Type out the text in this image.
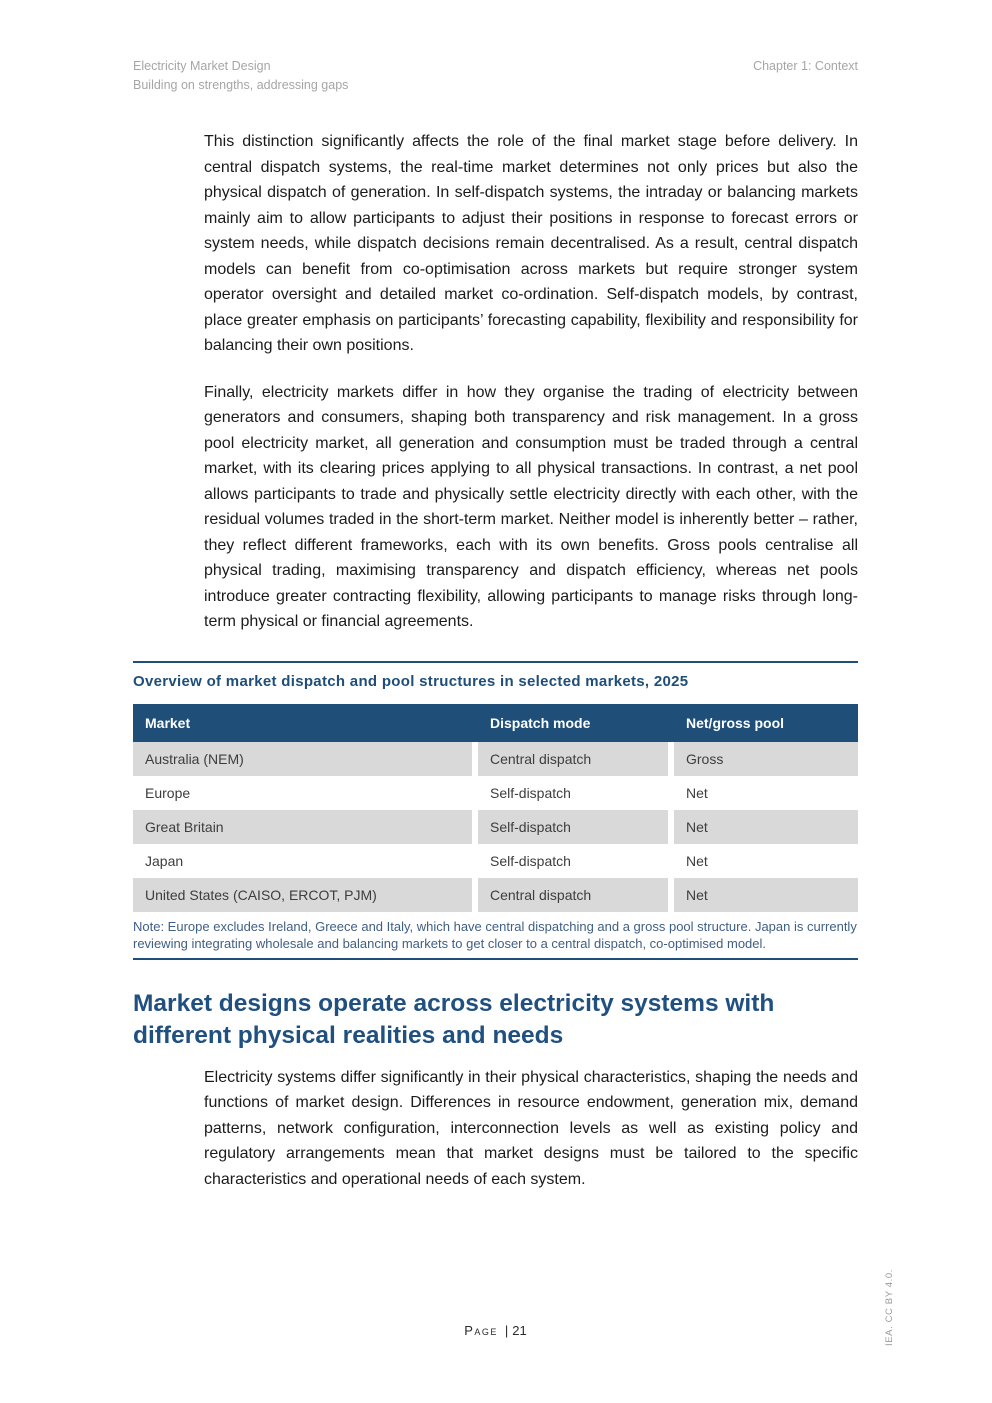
Electricity Market Design
Building on strengths, addressing gaps
Chapter 1: Context

This distinction significantly affects the role of the final market stage before delivery. In central dispatch systems, the real-time market determines not only prices but also the physical dispatch of generation. In self-dispatch systems, the intraday or balancing markets mainly aim to allow participants to adjust their positions in response to forecast errors or system needs, while dispatch decisions remain decentralised. As a result, central dispatch models can benefit from co-optimisation across markets but require stronger system operator oversight and detailed market co-ordination. Self-dispatch models, by contrast, place greater emphasis on participants’ forecasting capability, flexibility and responsibility for balancing their own positions.

Finally, electricity markets differ in how they organise the trading of electricity between generators and consumers, shaping both transparency and risk management. In a gross pool electricity market, all generation and consumption must be traded through a central market, with its clearing prices applying to all physical transactions. In contrast, a net pool allows participants to trade and physically settle electricity directly with each other, with the residual volumes traded in the short-term market. Neither model is inherently better – rather, they reflect different frameworks, each with its own benefits. Gross pools centralise all physical trading, maximising transparency and dispatch efficiency, whereas net pools introduce greater contracting flexibility, allowing participants to manage risks through long-term physical or financial agreements.

Overview of market dispatch and pool structures in selected markets, 2025
Market	Dispatch mode	Net/gross pool
Australia (NEM)	Central dispatch	Gross
Europe	Self-dispatch	Net
Great Britain	Self-dispatch	Net
Japan	Self-dispatch	Net
United States (CAISO, ERCOT, PJM)	Central dispatch	Net

Note: Europe excludes Ireland, Greece and Italy, which have central dispatching and a gross pool structure. Japan is currently reviewing integrating wholesale and balancing markets to get closer to a central dispatch, co-optimised model.

Market designs operate across electricity systems with different physical realities and needs

Electricity systems differ significantly in their physical characteristics, shaping the needs and functions of market design. Differences in resource endowment, generation mix, demand patterns, network configuration, interconnection levels as well as existing policy and regulatory arrangements mean that market designs must be tailored to the specific characteristics and operational needs of each system.

Page | 21	IEA. CC BY 4.0.
